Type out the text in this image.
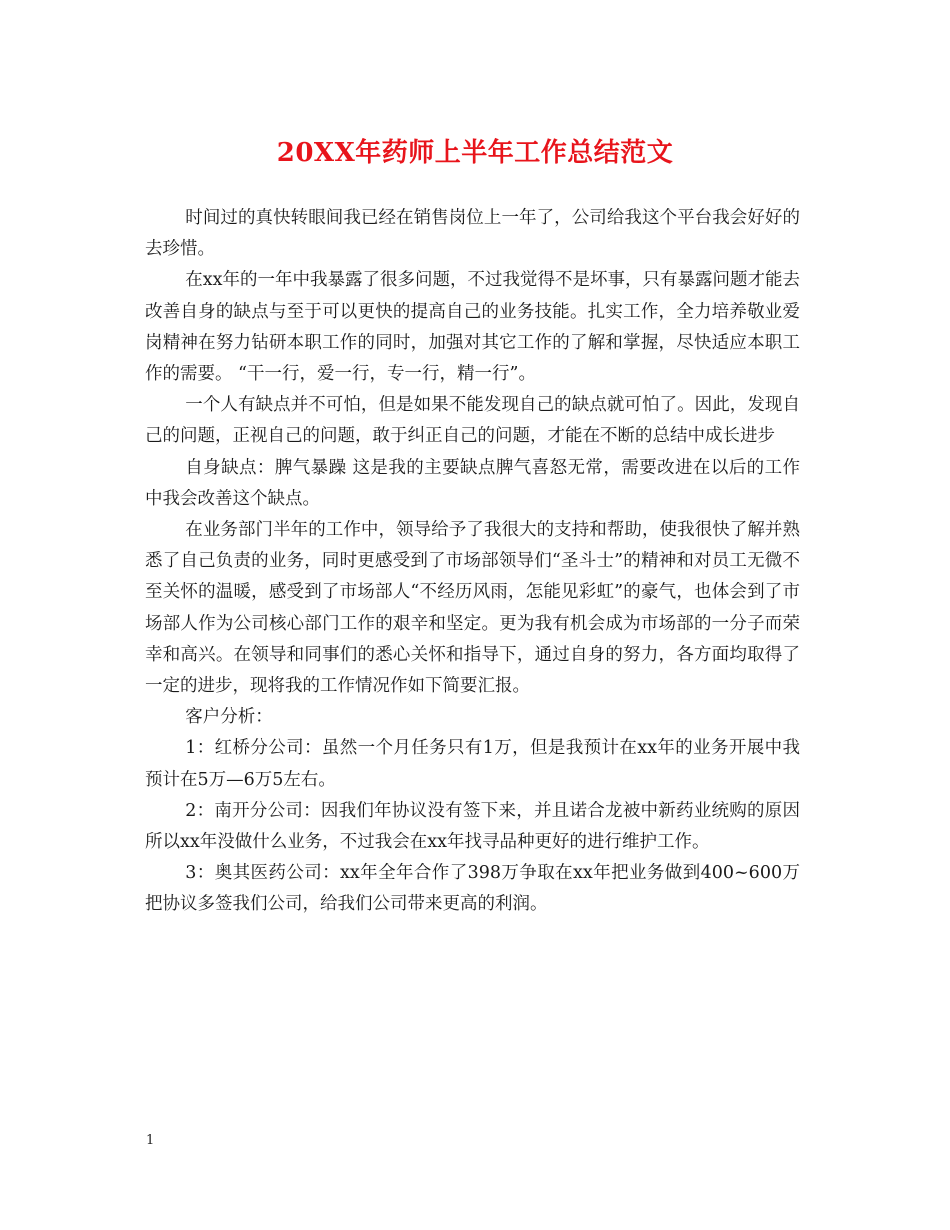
20XX年药师上半年工作总结范文

时间过的真快转眼间我已经在销售岗位上一年了，公司给我这个平台我会好好的去珍惜。

在xx年的一年中我暴露了很多问题，不过我觉得不是坏事，只有暴露问题才能去改善自身的缺点与至于可以更快的提高自己的业务技能。扎实工作，全力培养敬业爱岗精神在努力钻研本职工作的同时，加强对其它工作的了解和掌握，尽快适应本职工作的需要。 “干一行，爱一行，专一行，精一行”。

一个人有缺点并不可怕，但是如果不能发现自己的缺点就可怕了。因此，发现自己的问题，正视自己的问题，敢于纠正自己的问题，才能在不断的总结中成长进步

自身缺点：脾气暴躁 这是我的主要缺点脾气喜怒无常，需要改进在以后的工作中我会改善这个缺点。

在业务部门半年的工作中，领导给予了我很大的支持和帮助，使我很快了解并熟悉了自己负责的业务，同时更感受到了市场部领导们“圣斗士”的精神和对员工无微不至关怀的温暖，感受到了市场部人“不经历风雨，怎能见彩虹”的豪气，也体会到了市场部人作为公司核心部门工作的艰辛和坚定。更为我有机会成为市场部的一分子而荣幸和高兴。在领导和同事们的悉心关怀和指导下，通过自身的努力，各方面均取得了一定的进步，现将我的工作情况作如下简要汇报。

客户分析：

1：红桥分公司：虽然一个月任务只有1万，但是我预计在xx年的业务开展中我预计在5万—6万5左右。

2：南开分公司：因我们年协议没有签下来，并且诺合龙被中新药业统购的原因所以xx年没做什么业务，不过我会在xx年找寻品种更好的进行维护工作。

3：奥其医药公司：xx年全年合作了398万争取在xx年把业务做到400~600万 把协议多签我们公司，给我们公司带来更高的利润。

1
